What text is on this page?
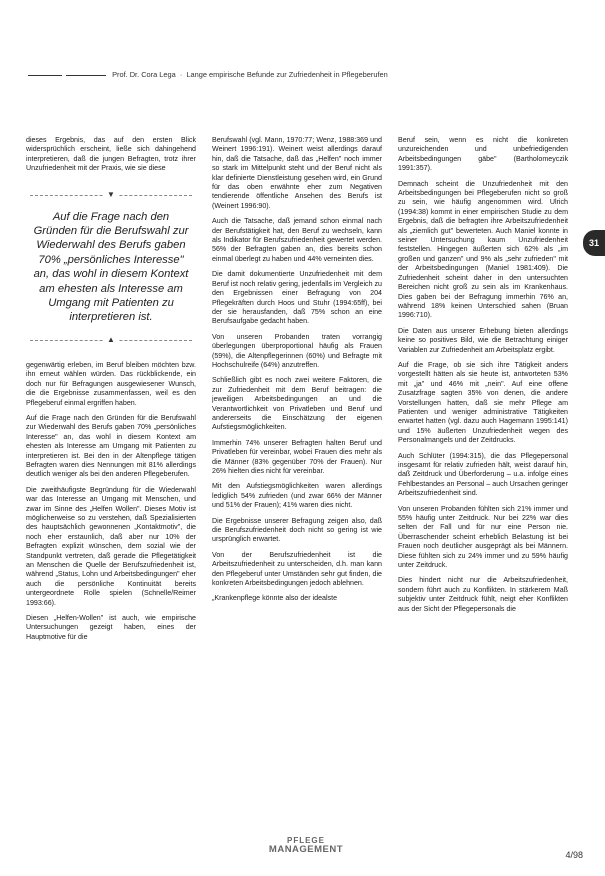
Prof. Dr. Cora Lega  ·  Lange empirische Befunde zur Zufriedenheit in Pflegeberufen

dieses Ergebnis, das auf den ersten Blick widersprüchlich erscheint, ließe sich dahingehend interpretieren, daß die jungen Befragten, trotz ihrer Unzufriedenheit mit der Praxis, wie sie diese

▼
Auf die Frage nach den Gründen für die Berufswahl zur Wiederwahl des Berufs gaben 70% „persönliches Interesse" an, das wohl in diesem Kontext am ehesten als Interesse am Umgang mit Patienten zu interpretieren ist.
▲

gegenwärtig erleben, im Beruf bleiben möchten bzw. ihn erneut wählen würden. Das rückblickende, ein doch nur für Befragungen ausgewiesener Wunsch, die die Ergebnisse zusammenfassen, weil es den Pflegeberuf einmal ergriffen haben.

Auf die Frage nach den Gründen für die Berufswahl zur Wiederwahl des Berufs gaben 70% „persönliches Interesse" an, das wohl in diesem Kontext am ehesten als Interesse am Umgang mit Patienten zu interpretieren ist. Bei den in der Altenpflege tätigen Befragten waren dies Nennungen mit 81% allerdings deutlich weniger als bei den anderen Pflegeberufen.

Die zweithäufigste Begründung für die Wiederwahl war das Interesse an Umgang mit Menschen, und zwar im Sinne des „Helfen Wollen". Dieses Motiv ist möglicherweise so zu verstehen, daß Spezialisierten des hauptsächlich gewonnenen „Kontaktmotiv", die noch eher erstaunlich, daß aber nur 10% der Befragten explizit wünschen, dem sozial wie der Standpunkt vertreten, daß gerade die Pflegetätigkeit an Menschen die Quelle der Berufszufriedenheit ist, während „Status, Lohn und Arbeitsbedingungen" eher auch die persönliche Kontinuität bereits untergeordnete Rolle spielen (Schnelle/Reimer 1993:66).

Diesen „Helfen-Wollen" ist auch, wie empirische Untersuchungen gezeigt haben, eines der Hauptmotive für die

Berufswahl (vgl. Mann, 1970:77; Wenz, 1988:369 und Weinert 1996:191). Weinert weist allerdings darauf hin, daß die Tatsache, daß das „Helfen" noch immer so stark im Mittelpunkt steht und der Beruf nicht als klar definierte Dienstleistung gesehen wird, ein Grund für das oben erwähnte eher zum Negativen tendierende öffentliche Ansehen des Berufs ist (Weinert 1996:90).

Auch die Tatsache, daß jemand schon einmal nach der Berufstätigkeit hat, den Beruf zu wechseln, kann als Indikator für Berufszufriedenheit gewertet werden. 56% der Befragten gaben an, dies bereits schon einmal überlegt zu haben und 44% verneinten dies.

Die damit dokumentierte Unzufriedenheit mit dem Beruf ist noch relativ gering, jedenfalls im Vergleich zu den Ergebnissen einer Befragung von 204 Pflegekräften durch Hoos und Stuhr (1994:65ff), bei der sie herausfanden, daß 75% schon an eine Berufsaufgabe gedacht haben.

Von unseren Probanden traten vorrangig überlegungen überproportional häufig als Frauen (59%), die Altenpflegerinnen (60%) und Befragte mit Hochschulreife (64%) anzutreffen.

Schließlich gibt es noch zwei weitere Faktoren, die zur Zufriedenheit mit dem Beruf beitragen: die jeweiligen Arbeitsbedingungen an und die Verantwortlichkeit von Privatleben und Beruf und andererseits die Einschätzung der eigenen Aufstiegsmöglichkeiten.

Immerhin 74% unserer Befragten halten Beruf und Privatleben für vereinbar, wobei Frauen dies mehr als die Männer (83% gegenüber 70% der Frauen). Nur 26% hielten dies nicht für vereinbar.

Mit den Aufstiegsmöglichkeiten waren allerdings lediglich 54% zufrieden (und zwar 66% der Männer und 51% der Frauen); 41% waren dies nicht.

Die Ergebnisse unserer Befragung zeigen also, daß die Berufszufriedenheit doch nicht so gering ist wie ursprünglich erwartet.

Von der Berufszufriedenheit ist die Arbeitszufriedenheit zu unterscheiden, d.h. man kann den Pflegeberuf unter Umständen sehr gut finden, die konkreten Arbeitsbedingungen jedoch ablehnen.

„Krankenpflege könnte also der idealste

Beruf sein, wenn es nicht die konkreten unzureichenden und unbefriedigenden Arbeitsbedingungen gäbe" (Bartholomeyczik 1991:357).

Demnach scheint die Unzufriedenheit mit den Arbeitsbedingungen bei Pflegeberufen nicht so groß zu sein, wie häufig angenommen wird. Ulrich (1994:38) kommt in einer empirischen Studie zu dem Ergebnis, daß die befragten ihre Arbeitszufriedenheit als „ziemlich gut" bewerteten. Auch Maniel konnte in seiner Untersuchung kaum Unzufriedenheit feststellen. Hingegen äußerten sich 62% als „im großen und ganzen" und 9% als „sehr zufrieden" mit der Arbeitsbedingungen (Maniel 1981:409). Die Zufriedenheit scheint daher in den untersuchten Bereichen nicht groß zu sein als im Krankenhaus. Dies gaben bei der Befragung immerhin 76% an, während 18% keinen Unterschied sahen (Bruan 1996:710).

Die Daten aus unserer Erhebung bieten allerdings keine so positives Bild, wie die Betrachtung einiger Variablen zur Zufriedenheit am Arbeitsplatz ergibt.

Auf die Frage, ob sie sich ihre Tätigkeit anders vorgestellt hätten als sie heute ist, antworteten 53% mit „ja" und 46% mit „nein". Auf eine offene Zusatzfrage sagten 35% von denen, die andere Vorstellungen hatten, daß sie mehr Pflege am Patienten und weniger administrative Tätigkeiten erwartet hatten (vgl. dazu auch Hagemann 1995:141) und 15% äußerten Unzufriedenheit wegen des Personalmangels und der Zeitdrucks.

Auch Schlüter (1994:315), die das Pflegepersonal insgesamt für relativ zufrieden hält, weist darauf hin, daß Zeitdruck und Überforderung – u.a. infolge eines Fehlbestandes an Personal – auch Ursachen geringer Arbeitszufriedenheit sind.

Von unseren Probanden fühlten sich 21% immer und 55% häufig unter Zeitdruck. Nur bei 22% war dies selten der Fall und für nur eine Person nie. Überraschender scheint erheblich Belastung ist bei Frauen noch deutlicher ausgeprägt als bei Männern. Diese fühlten sich zu 24% immer und zu 59% häufig unter Zeitdruck.

Dies hindert nicht nur die Arbeitszufriedenheit, sondern führt auch zu Konflikten. In stärkerem Maß subjektiv unter Zeitdruck fühlt, neigt eher Konflikten aus der Sicht der Pflegepersonals die

31
PFLEGE
MANAGEMENT	4/98
